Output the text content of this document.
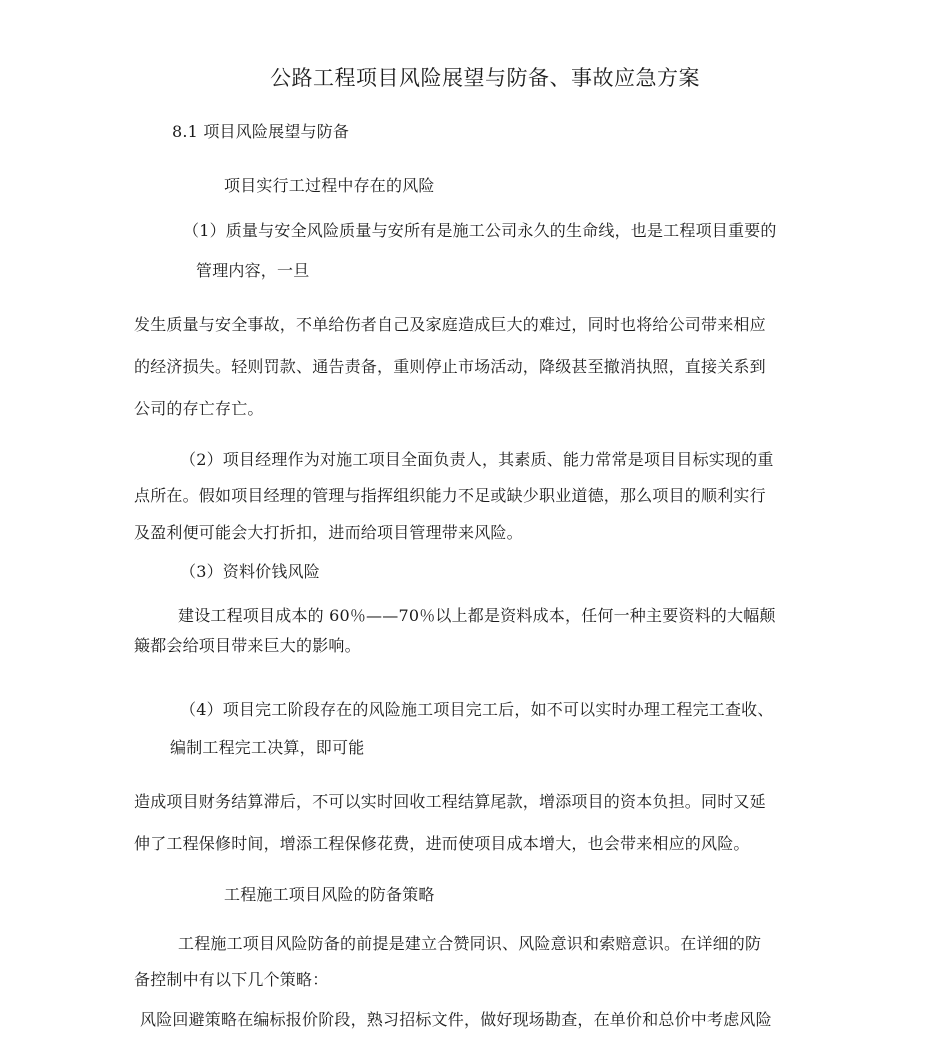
公路工程项目风险展望与防备、事故应急方案
8.1 项目风险展望与防备
项目实行工过程中存在的风险
（1）质量与安全风险质量与安所有是施工公司永久的生命线，也是工程项目重要的
管理内容，一旦
发生质量与安全事故，不单给伤者自己及家庭造成巨大的难过，同时也将给公司带来相应
的经济损失。轻则罚款、通告责备，重则停止市场活动，降级甚至撤消执照，直接关系到
公司的存亡存亡。
（2）项目经理作为对施工项目全面负责人，其素质、能力常常是项目目标实现的重
点所在。假如项目经理的管理与指挥组织能力不足或缺少职业道德，那么项目的顺利实行
及盈利便可能会大打折扣，进而给项目管理带来风险。
（3）资料价钱风险
建设工程项目成本的 60％——70％以上都是资料成本，任何一种主要资料的大幅颠
簸都会给项目带来巨大的影响。
（4）项目完工阶段存在的风险施工项目完工后，如不可以实时办理工程完工查收、
编制工程完工决算，即可能
造成项目财务结算滞后，不可以实时回收工程结算尾款，增添项目的资本负担。同时又延
伸了工程保修时间，增添工程保修花费，进而使项目成本增大，也会带来相应的风险。
工程施工项目风险的防备策略
工程施工项目风险防备的前提是建立合赞同识、风险意识和索赔意识。在详细的防
备控制中有以下几个策略：
风险回避策略在编标报价阶段，熟习招标文件，做好现场勘查，在单价和总价中考虑风险
